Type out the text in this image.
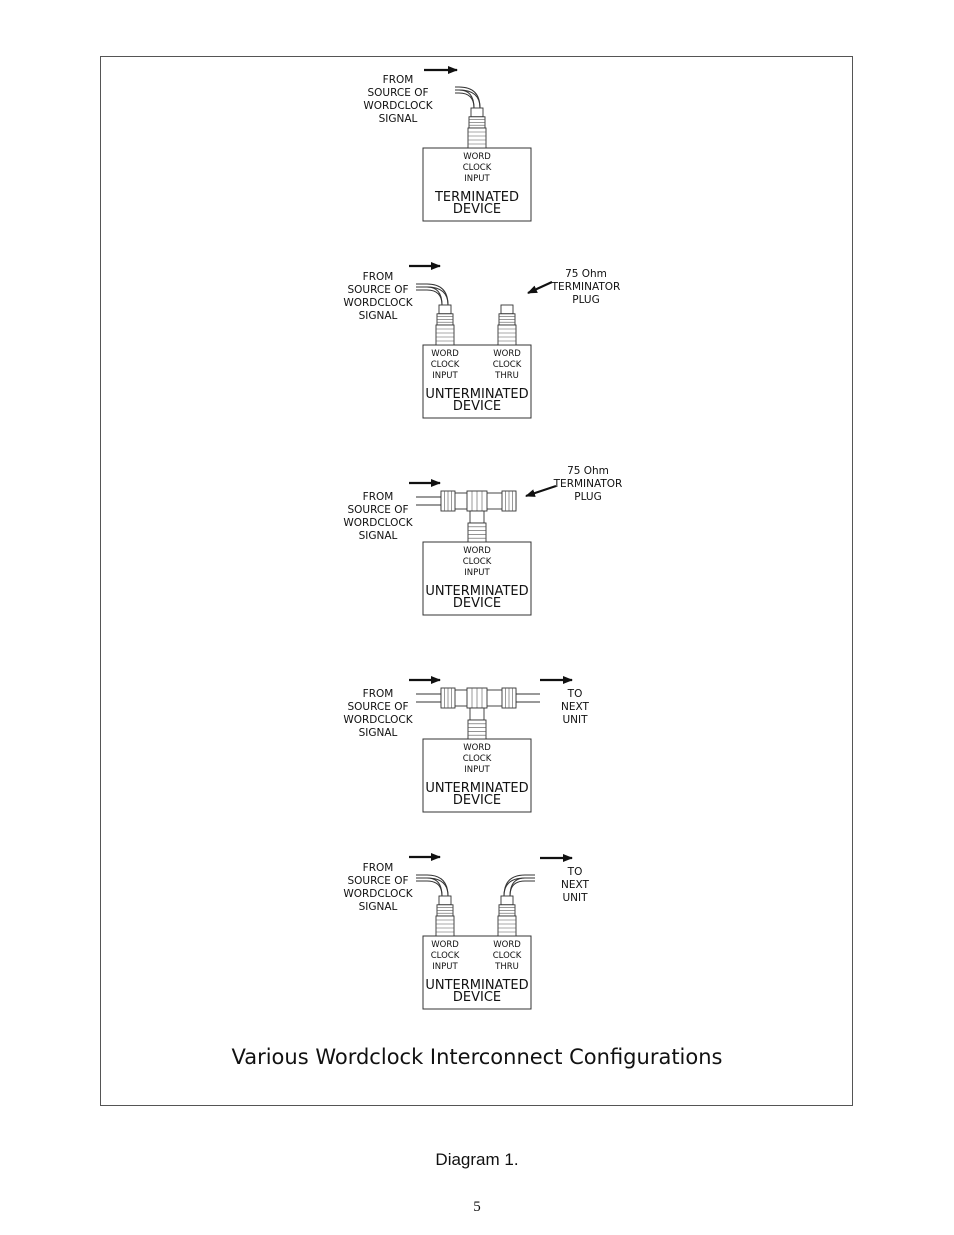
TERMINATED DEVICE
FROM SOURCE OF WORDCLOCK SIGNAL
WORD CLOCK INPUT
UNTERMINATED DEVICE
FROM SOURCE OF WORDCLOCK SIGNAL
WORD CLOCK INPUT
WORD CLOCK THRU
75 Ohm TERMINATOR PLUG
UNTERMINATED DEVICE
FROM SOURCE OF WORDCLOCK SIGNAL
WORD CLOCK INPUT
75 Ohm TERMINATOR PLUG
UNTERMINATED DEVICE
FROM SOURCE OF WORDCLOCK SIGNAL
WORD CLOCK INPUT
TO NEXT UNIT
UNTERMINATED DEVICE
FROM SOURCE OF WORDCLOCK SIGNAL
WORD CLOCK INPUT
WORD CLOCK THRU
TO NEXT UNIT
Various Wordclock Interconnect Configurations
Diagram 1.
5
